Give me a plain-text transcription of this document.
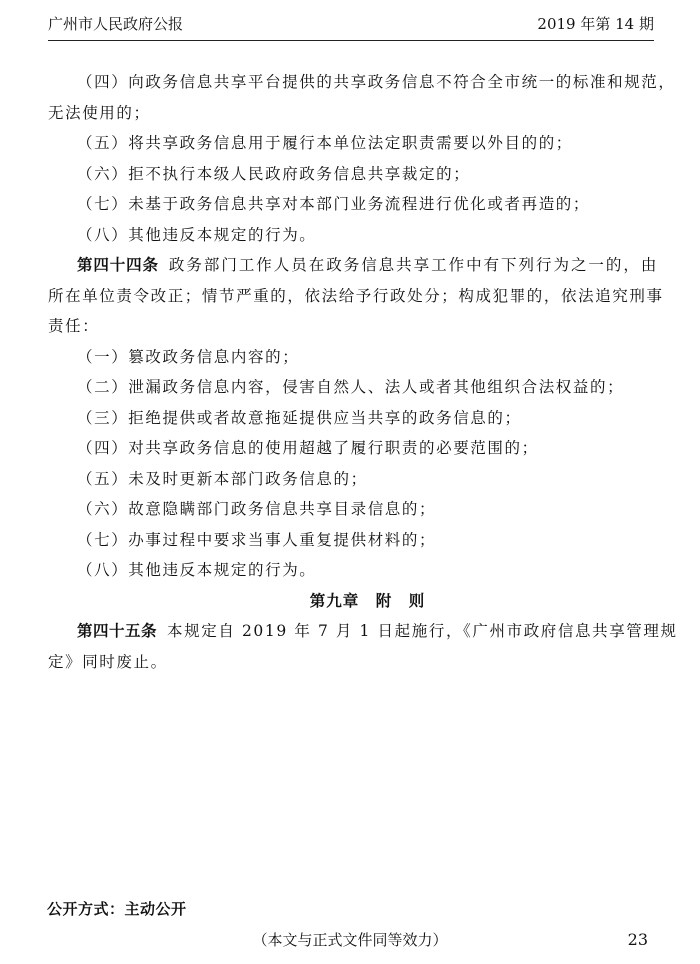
广州市人民政府公报	2019 年第 14 期
（四）向政务信息共享平台提供的共享政务信息不符合全市统一的标准和规范，
无法使用的；
（五）将共享政务信息用于履行本单位法定职责需要以外目的的；
（六）拒不执行本级人民政府政务信息共享裁定的；
（七）未基于政务信息共享对本部门业务流程进行优化或者再造的；
（八）其他违反本规定的行为。
第四十四条 政务部门工作人员在政务信息共享工作中有下列行为之一的，由
所在单位责令改正；情节严重的，依法给予行政处分；构成犯罪的，依法追究刑事
责任：
（一）篡改政务信息内容的；
（二）泄漏政务信息内容，侵害自然人、法人或者其他组织合法权益的；
（三）拒绝提供或者故意拖延提供应当共享的政务信息的；
（四）对共享政务信息的使用超越了履行职责的必要范围的；
（五）未及时更新本部门政务信息的；
（六）故意隐瞒部门政务信息共享目录信息的；
（七）办事过程中要求当事人重复提供材料的；
（八）其他违反本规定的行为。
第九章　附　则
第四十五条 本规定自 2019 年 7 月 1 日起施行，《广州市政府信息共享管理规
定》同时废止。
公开方式：主动公开
（本文与正式文件同等效力）	23
